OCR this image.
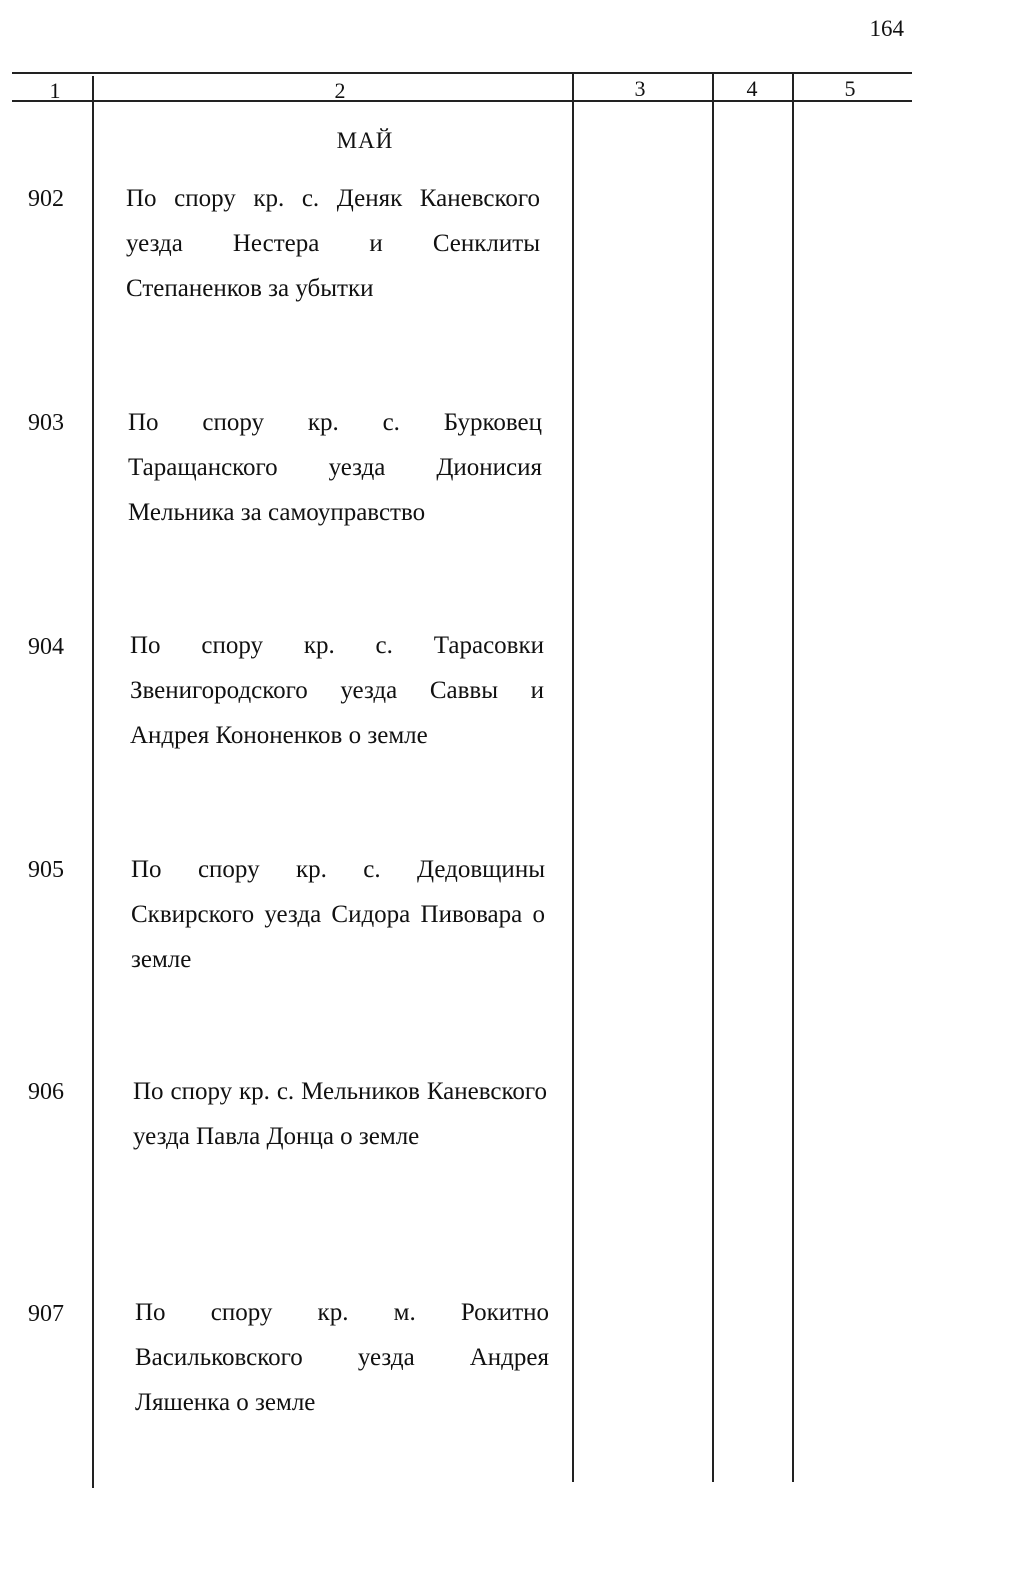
164
1	2	3	4	5
МАЙ
902	По спору кр. с. Деняк Каневского уезда Нестера и Сенклиты Степаненков за убытки
903	По спору кр. с. Бурковец Таращанского уезда Дионисия Мельника за самоуправство
904	По спору кр. с. Тарасовки Звенигородского уезда Саввы и Андрея Кононенков о земле
905	По спору кр. с. Дедовщины Сквирского уезда Сидора Пивовара о земле
906	По спору кр. с. Мельников Каневского уезда Павла Донца о земле
907	По спору кр. м. Рокитно Васильковского уезда Андрея Ляшенка о земле
